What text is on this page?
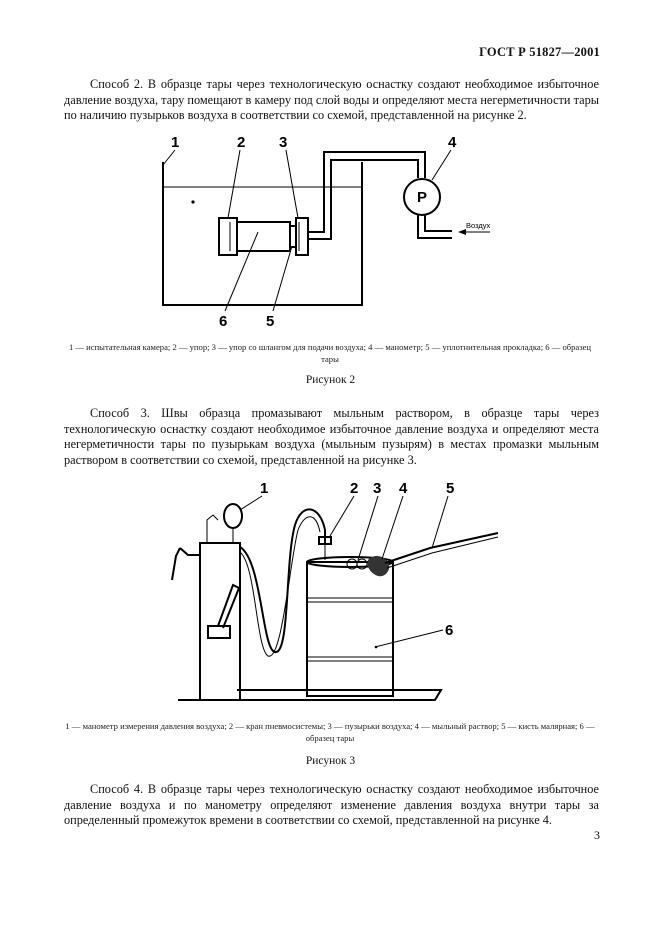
ГОСТ Р 51827—2001
Способ 2. В образце тары через технологическую оснастку создают необходимое избыточное давление воздуха, тару помещают в камеру под слой воды и определяют места негерметичности тары по наличию пузырьков воздуха в соответствии со схемой, представленной на рисунке 2.
P
Воздух
1	2 3	4
6	5
1 — испытательная камера; 2 — упор; 3 — упор со шлангом для подачи воздуха; 4 — манометр; 5 — уплотнительная прокладка; 6 — образец тары
Рисунок 2
Способ 3. Швы образца промазывают мыльным раствором, в образце тары через технологическую оснастку создают необходимое избыточное давление воздуха и определяют места негерметичности тары по пузырькам воздуха (мыльным пузырям) в местах промазки мыльным раствором в соответствии со схемой, представленной на рисунке 3.
1	2 3 4	5
6
1 — манометр измерения давления воздуха; 2 — кран пневмосистемы; 3 — пузырьки воздуха; 4 — мыльный раствор; 5 — кисть малярная; 6 — образец тары
Рисунок 3
Способ 4. В образце тары через технологическую оснастку создают необходимое избыточное давление воздуха и по манометру определяют изменение давления воздуха внутри тары за определенный промежуток времени в соответствии со схемой, представленной на рисунке 4.
3
